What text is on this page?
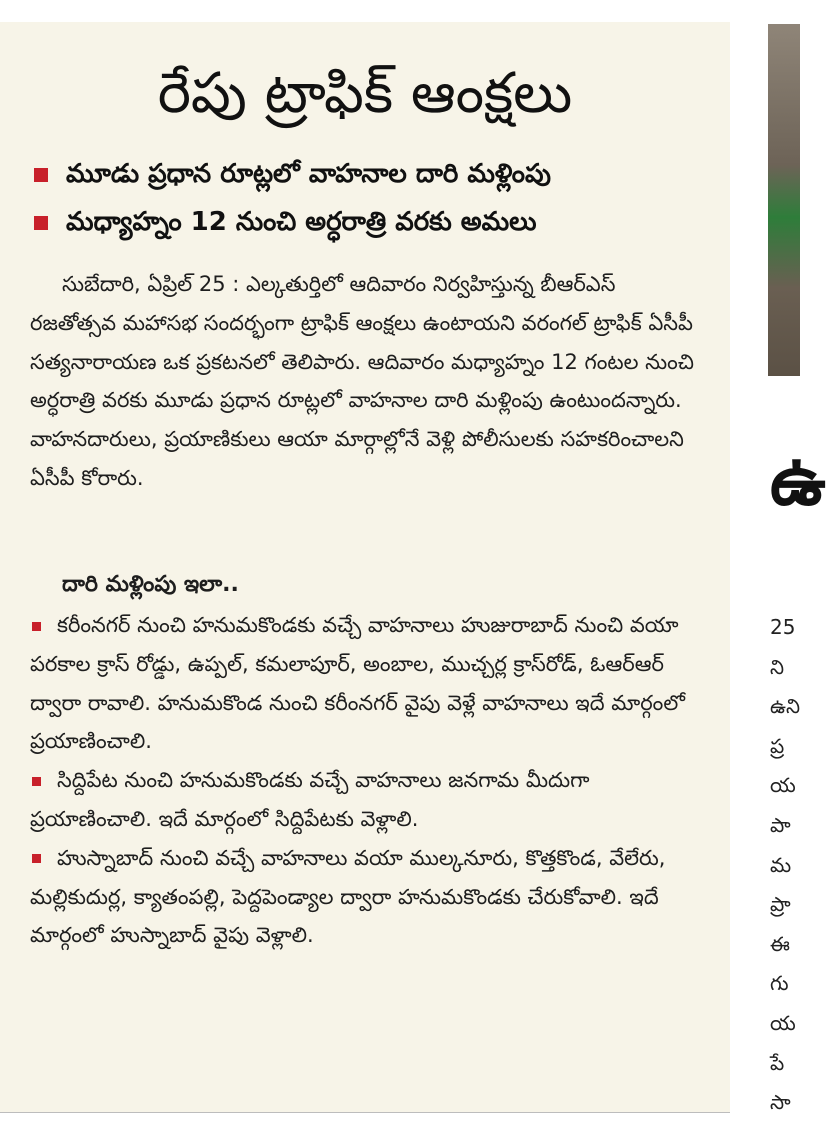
రేపు ట్రాఫిక్ ఆంక్షలు
మూడు ప్రధాన రూట్లలో వాహనాల దారి మళ్లింపు
మధ్యాహ్నం 12 నుంచి అర్ధరాత్రి వరకు అమలు
సుబేదారి, ఏప్రిల్ 25 : ఎల్కతుర్తిలో ఆదివారం నిర్వహిస్తున్న బీఆర్ఎస్ రజతోత్సవ మహాసభ సందర్భంగా ట్రాఫిక్ ఆంక్షలు ఉంటాయని వరంగల్ ట్రాఫిక్ ఏసీపీ సత్యనారాయణ ఒక ప్రకటనలో తెలిపారు. ఆదివారం మధ్యాహ్నం 12 గంటల నుంచి అర్ధరాత్రి వరకు మూడు ప్రధాన రూట్లలో వాహనాల దారి మళ్లింపు ఉంటుందన్నారు. వాహనదారులు, ప్రయాణికులు ఆయా మార్గాల్లోనే వెళ్లి పోలీసులకు సహకరించాలని ఏసీపీ కోరారు.
దారి మళ్లింపు ఇలా..

కరీంనగర్ నుంచి హనుమకొండకు వచ్చే వాహనాలు హుజురాబాద్ నుంచి వయా పరకాల క్రాస్ రోడ్డు, ఉప్పల్, కమలాపూర్, అంబాల, ముచ్చర్ల క్రాస్‌రోడ్, ఓఆర్ఆర్ ద్వారా రావాలి. హనుమకొండ నుంచి కరీంనగర్ వైపు వెళ్లే వాహనాలు ఇదే మార్గంలో ప్రయాణించాలి.

సిద్దిపేట నుంచి హనుమకొండకు వచ్చే వాహనాలు జనగామ మీదుగా ప్రయాణించాలి. ఇదే మార్గంలో సిద్దిపేటకు వెళ్లాలి.

హుస్నాబాద్ నుంచి వచ్చే వాహనాలు వయా ముల్కనూరు, కొత్తకొండ, వేలేరు, మల్లికుదుర్ల, క్యాతంపల్లి, పెద్దపెండ్యాల ద్వారా హనుమకొండకు చేరుకోవాలి. ఇదే మార్గంలో హుస్నాబాద్ వైపు వెళ్లాలి.

ఉ
25
ని
ఉని
ప్ర
య
పా
మ
ప్రా
ఈ
గు
య
పే
సా
